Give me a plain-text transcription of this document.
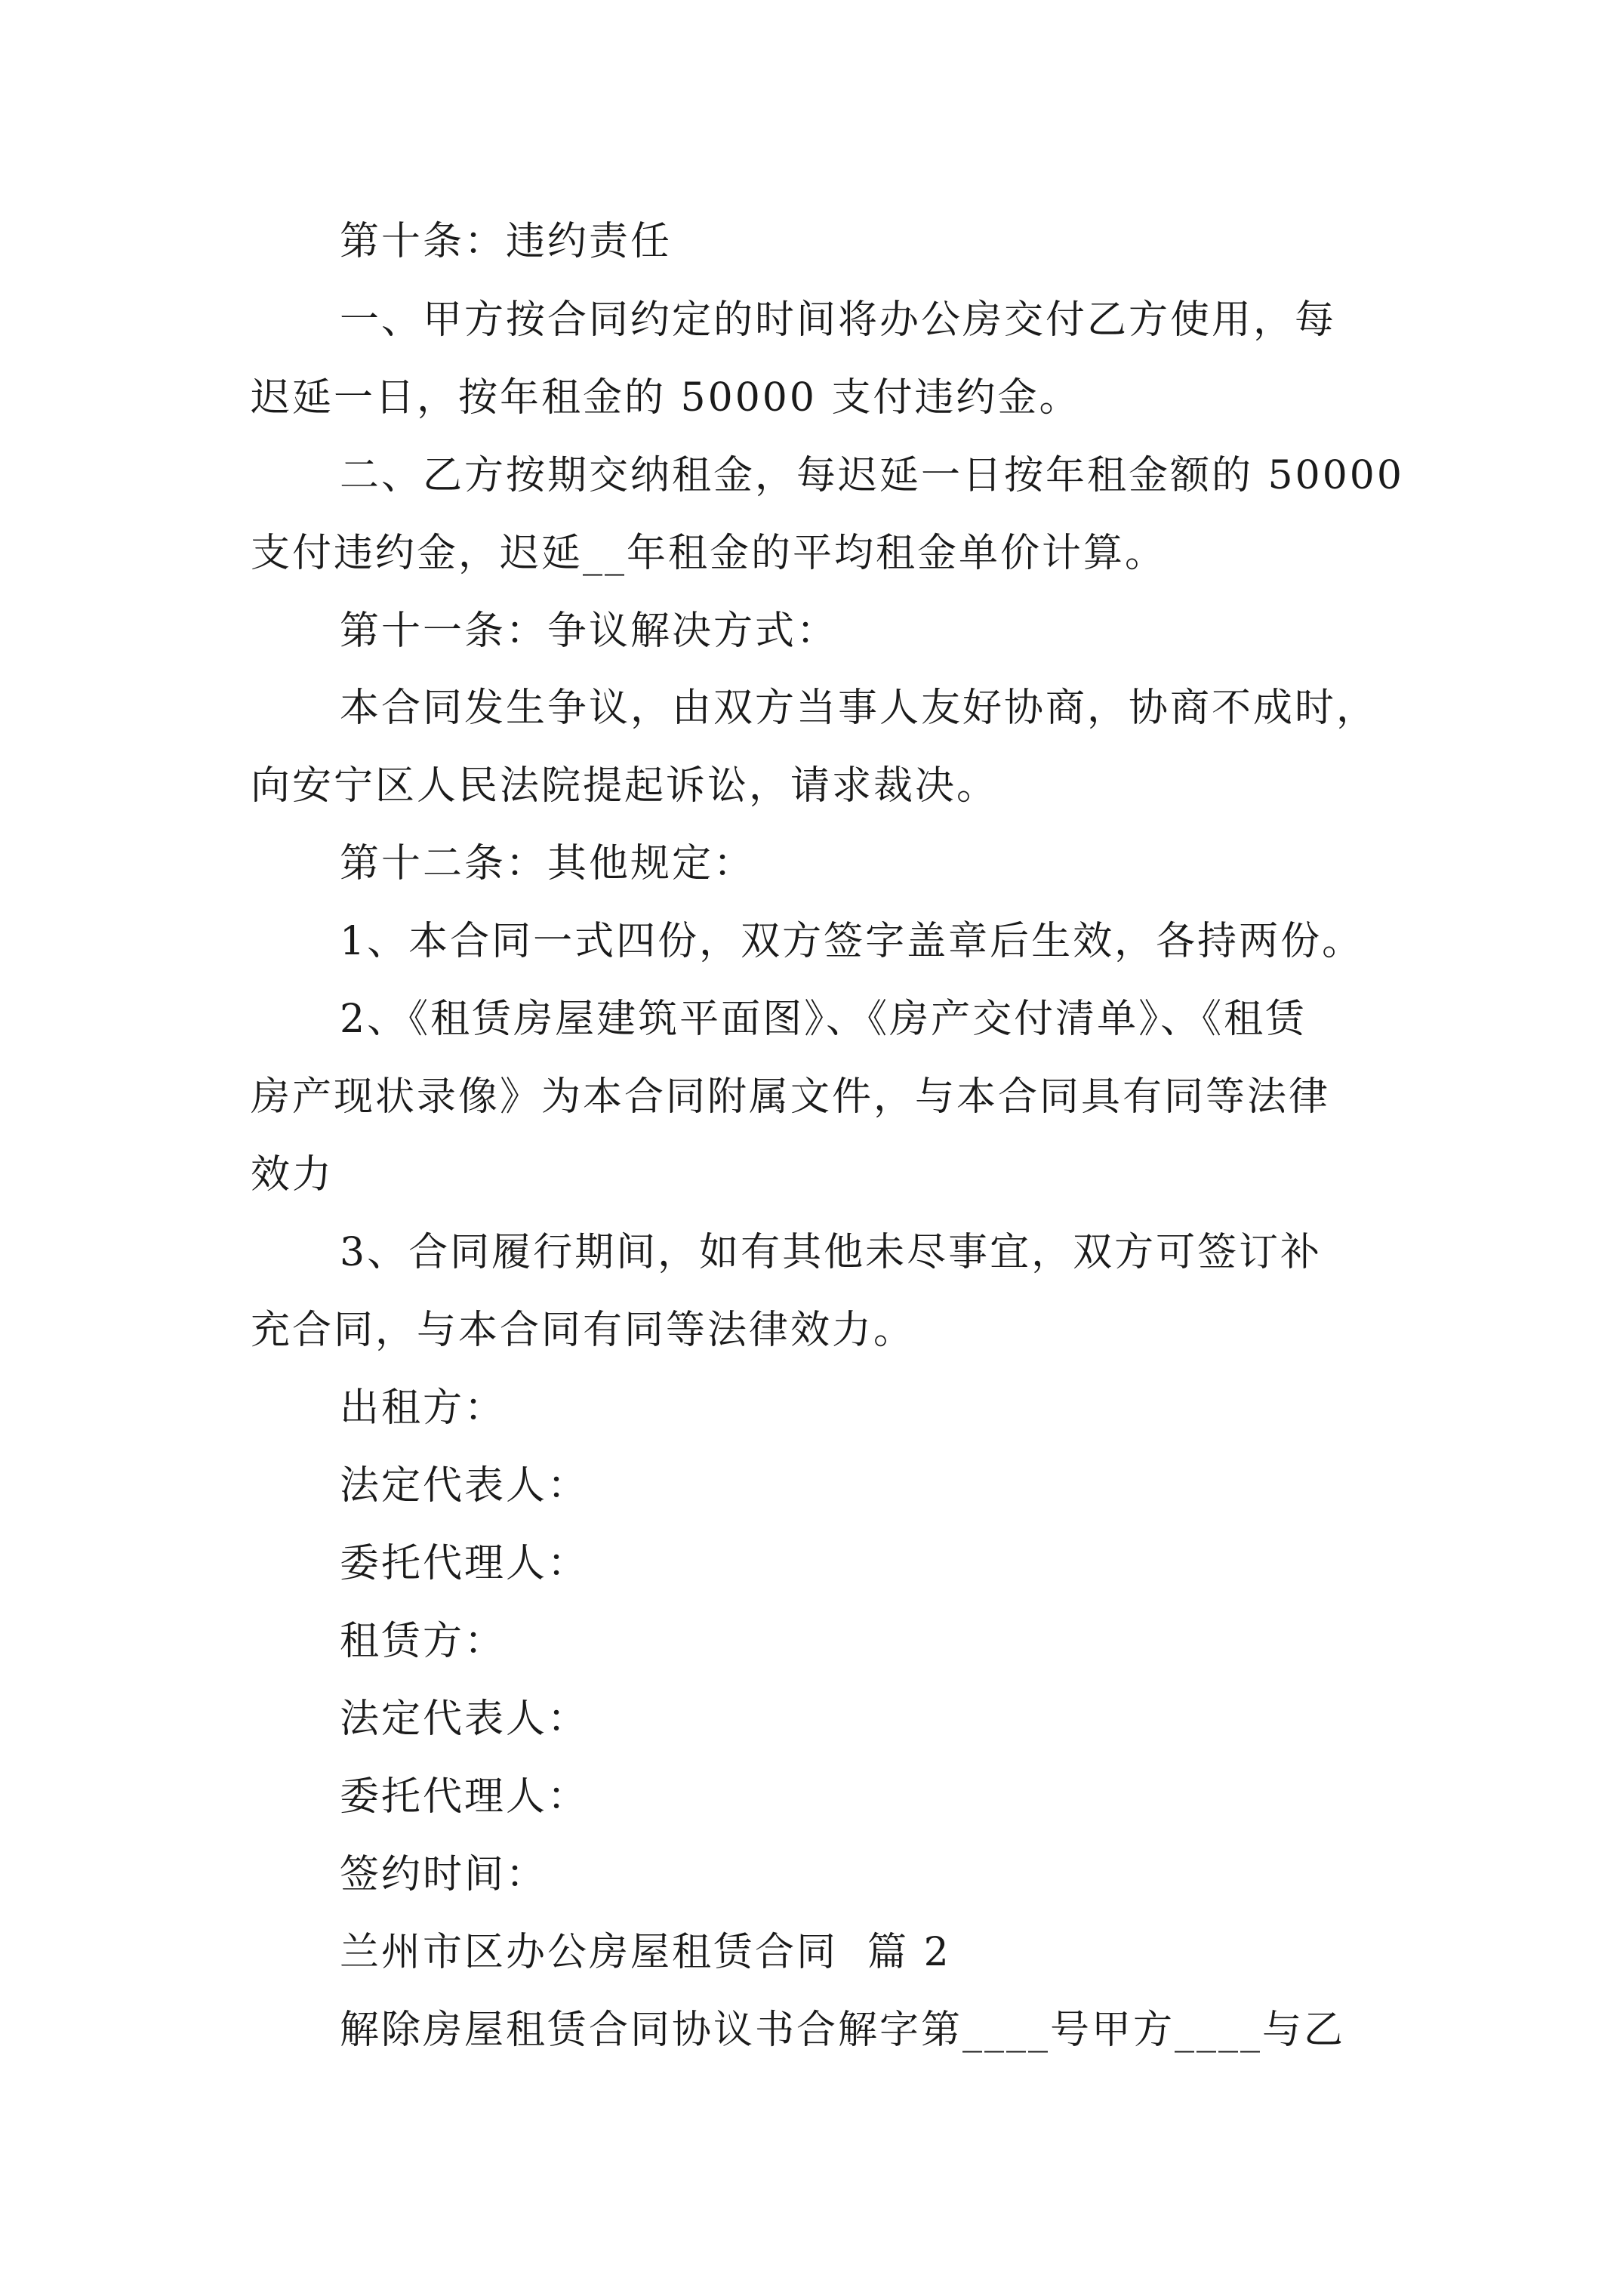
第十条：违约责任
一、甲方按合同约定的时间将办公房交付乙方使用，每
迟延一日，按年租金的 50000 支付违约金。
二、乙方按期交纳租金，每迟延一日按年租金额的 50000
支付违约金，迟延__年租金的平均租金单价计算。
第十一条：争议解决方式：
本合同发生争议，由双方当事人友好协商，协商不成时，
向安宁区人民法院提起诉讼，请求裁决。
第十二条：其他规定：
1、本合同一式四份，双方签字盖章后生效，各持两份。
2、《租赁房屋建筑平面图》、《房产交付清单》、《租赁
房产现状录像》为本合同附属文件，与本合同具有同等法律
效力
3、合同履行期间，如有其他未尽事宜，双方可签订补
充合同，与本合同有同等法律效力。
出租方：
法定代表人：
委托代理人：
租赁方：
法定代表人：
委托代理人：
签约时间：
兰州市区办公房屋租赁合同  篇 2
解除房屋租赁合同协议书合解字第____号甲方____与乙
